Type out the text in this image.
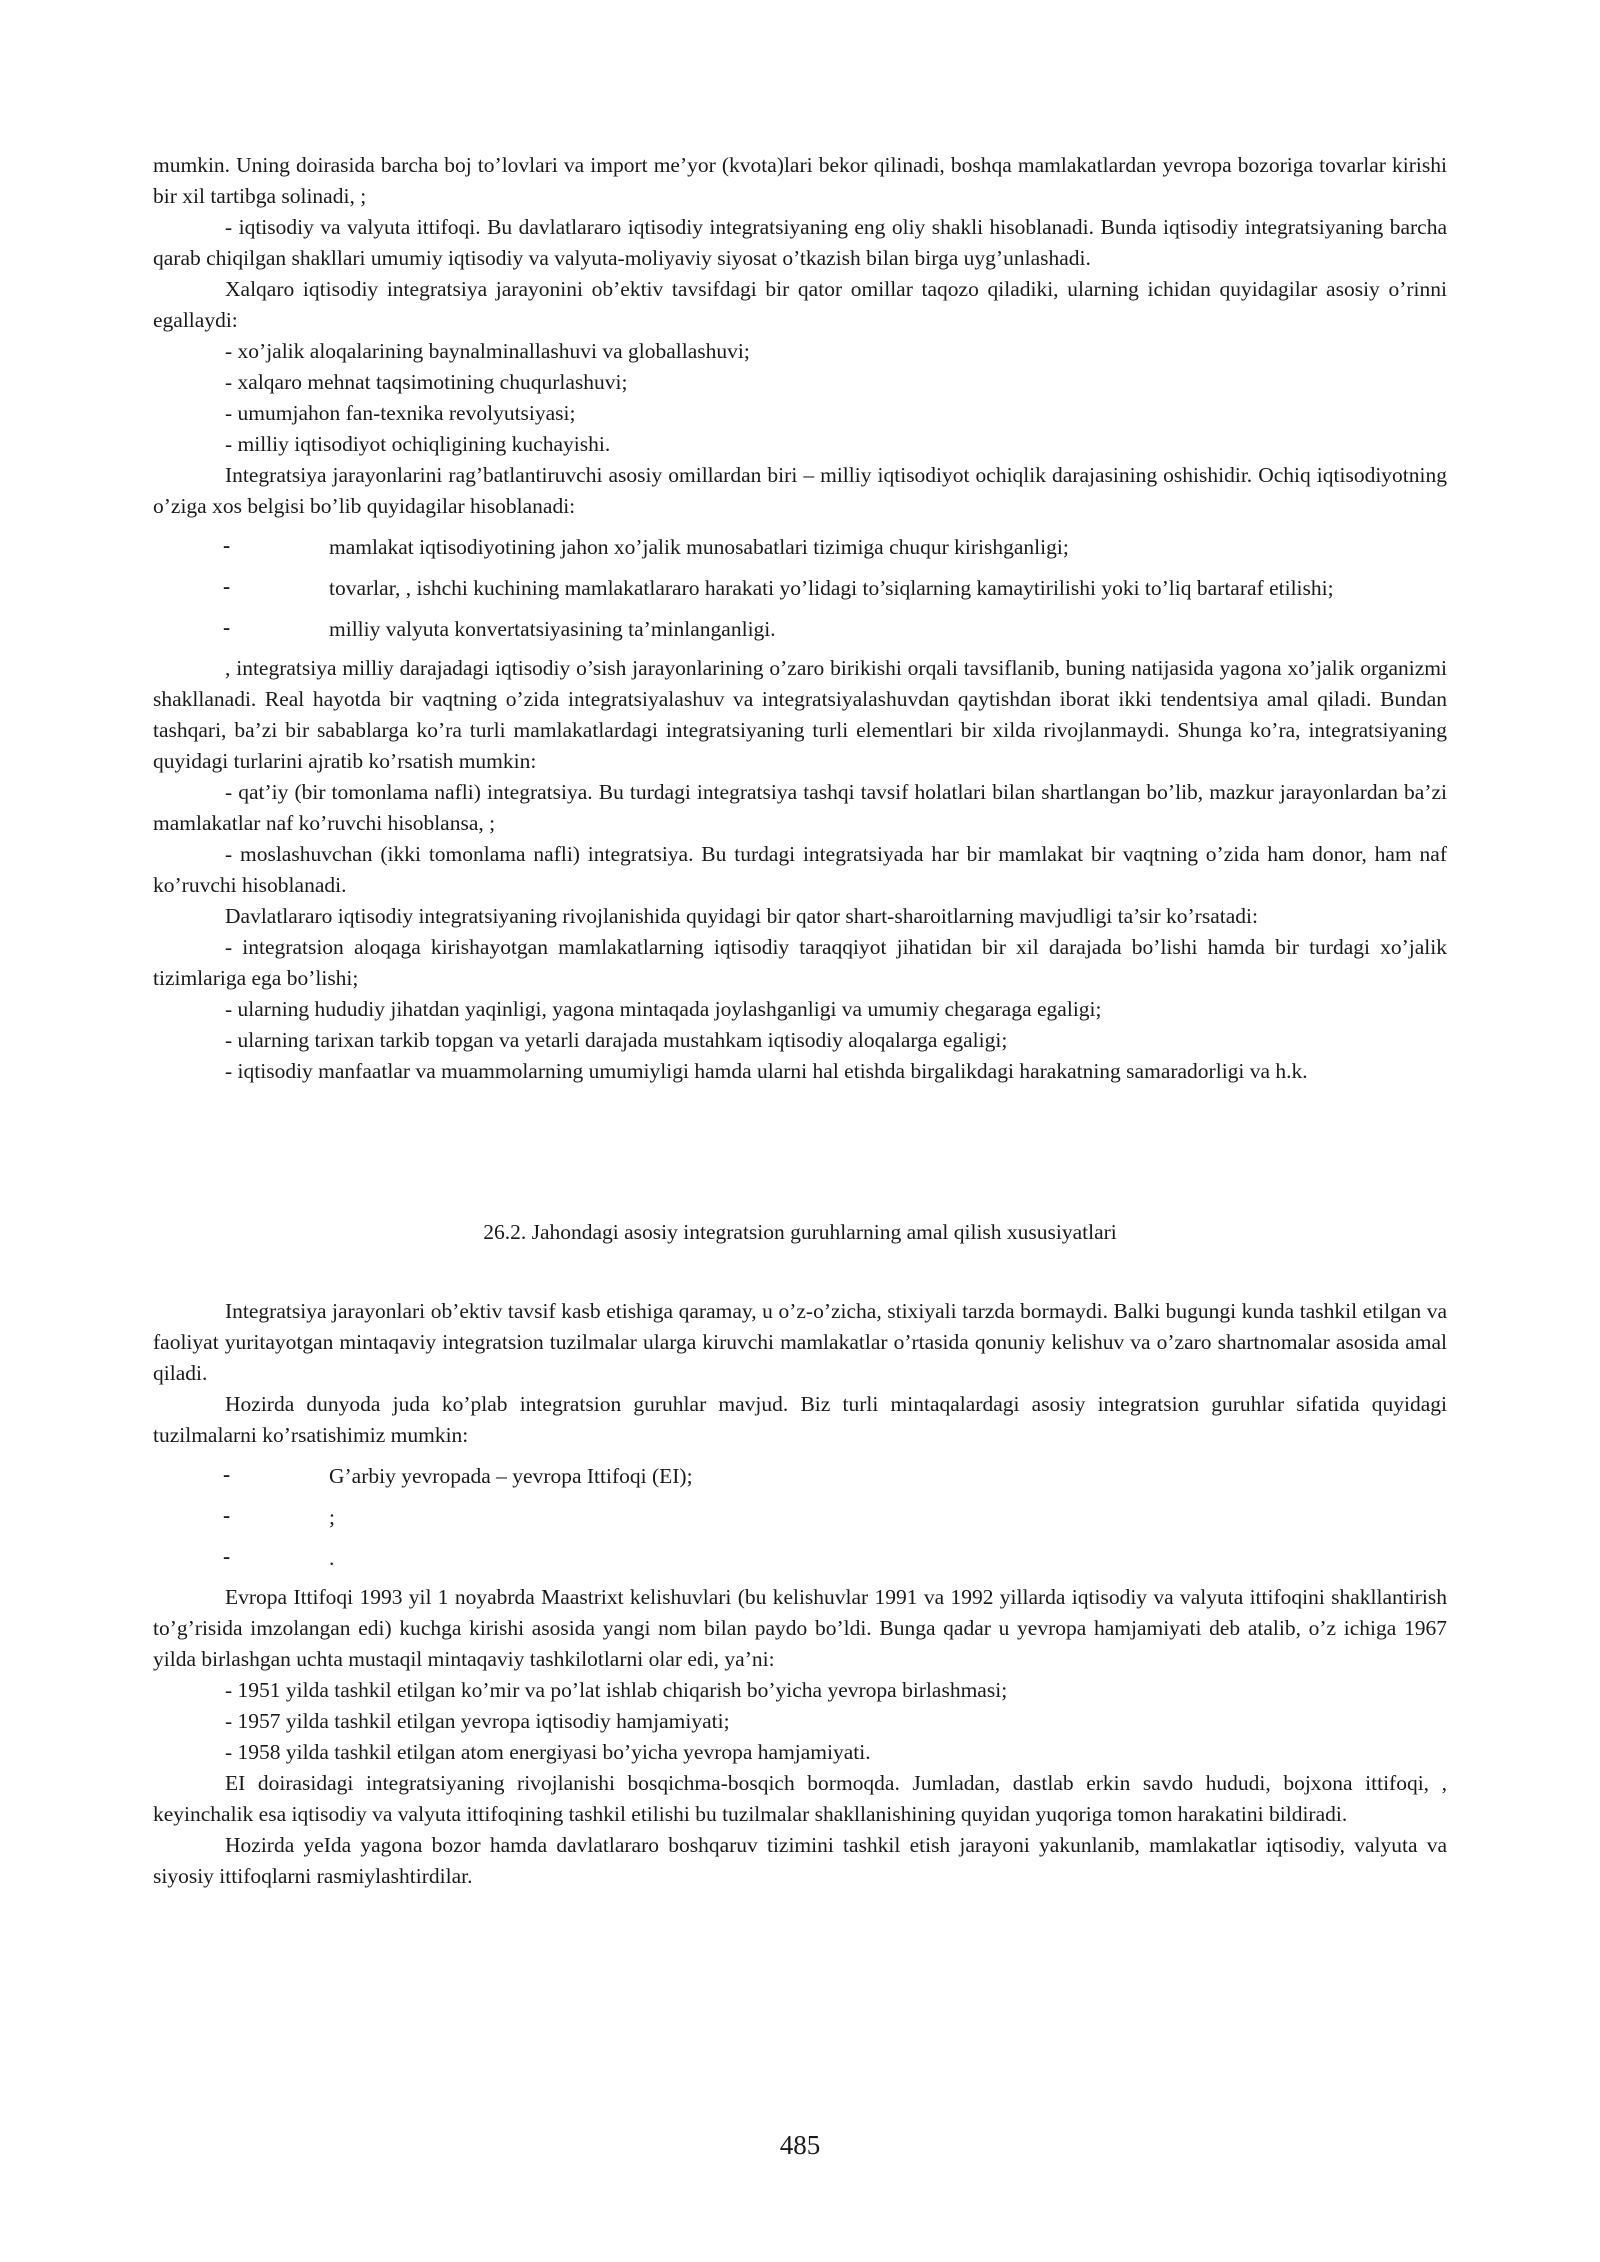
mumkin. Uning doirasida barcha boj to’lovlari va import me’yor (kvota)lari bekor qilinadi, boshqa mamlakatlardan yevropa bozoriga tovarlar kirishi bir xil tartibga solinadi, ;

- iqtisodiy va valyuta ittifoqi. Bu davlatlararo iqtisodiy integratsiyaning eng oliy shakli hisoblanadi. Bunda iqtisodiy integratsiyaning barcha qarab chiqilgan shakllari umumiy iqtisodiy va valyuta-moliyaviy siyosat o’tkazish bilan birga uyg’unlashadi.

Xalqaro iqtisodiy integratsiya jarayonini ob’ektiv tavsifdagi bir qator omillar taqozo qiladiki, ularning ichidan quyidagilar asosiy o’rinni egallaydi:

- xo’jalik aloqalarining baynalminallashuvi va globallashuvi;

- xalqaro mehnat taqsimotining chuqurlashuvi;

- umumjahon fan-texnika revolyutsiyasi;

- milliy iqtisodiyot ochiqligining kuchayishi.

Integratsiya jarayonlarini rag’batlantiruvchi asosiy omillardan biri – milliy iqtisodiyot ochiqlik darajasining oshishidir. Ochiq iqtisodiyotning o’ziga xos belgisi bo’lib quyidagilar hisoblanadi:

-	mamlakat iqtisodiyotining jahon xo’jalik munosabatlari tizimiga chuqur kirishganligi;

-	tovarlar, , ishchi kuchining mamlakatlararo harakati yo’lidagi to’siqlarning kamaytirilishi yoki to’liq bartaraf etilishi;

-	milliy valyuta konvertatsiyasining ta’minlanganligi.

, integratsiya milliy darajadagi iqtisodiy o’sish jarayonlarining o’zaro birikishi orqali tavsiflanib, buning natijasida yagona xo’jalik organizmi shakllanadi. Real hayotda bir vaqtning o’zida integratsiyalashuv va integratsiyalashuvdan qaytishdan iborat ikki tendentsiya amal qiladi. Bundan tashqari, ba’zi bir sabablarga ko’ra turli mamlakatlardagi integratsiyaning turli elementlari bir xilda rivojlanmaydi. Shunga ko’ra, integratsiyaning quyidagi turlarini ajratib ko’rsatish mumkin:

- qat’iy (bir tomonlama nafli) integratsiya. Bu turdagi integratsiya tashqi tavsif holatlari bilan shartlangan bo’lib, mazkur jarayonlardan ba’zi mamlakatlar naf ko’ruvchi hisoblansa, ;

- moslashuvchan (ikki tomonlama nafli) integratsiya. Bu turdagi integratsiyada har bir mamlakat bir vaqtning o’zida ham donor, ham naf ko’ruvchi hisoblanadi.

Davlatlararo iqtisodiy integratsiyaning rivojlanishida quyidagi bir qator shart-sharoitlarning mavjudligi ta’sir ko’rsatadi:

- integratsion aloqaga kirishayotgan mamlakatlarning iqtisodiy taraqqiyot jihatidan bir xil darajada bo’lishi hamda bir turdagi xo’jalik tizimlariga ega bo’lishi;

- ularning hududiy jihatdan yaqinligi, yagona mintaqada joylashganligi va umumiy chegaraga egaligi;

- ularning tarixan tarkib topgan va yetarli darajada mustahkam iqtisodiy aloqalarga egaligi;

- iqtisodiy manfaatlar va muammolarning umumiyligi hamda ularni hal etishda birgalikdagi harakatning samaradorligi va h.k.

26.2. Jahondagi asosiy integratsion guruhlarning amal qilish xususiyatlari

Integratsiya jarayonlari ob’ektiv tavsif kasb etishiga qaramay, u o’z-o’zicha, stixiyali tarzda bormaydi. Balki bugungi kunda tashkil etilgan va faoliyat yuritayotgan mintaqaviy integratsion tuzilmalar ularga kiruvchi mamlakatlar o’rtasida qonuniy kelishuv va o’zaro shartnomalar asosida amal qiladi.

Hozirda dunyoda juda ko’plab integratsion guruhlar mavjud. Biz turli mintaqalardagi asosiy integratsion guruhlar sifatida quyidagi tuzilmalarni ko’rsatishimiz mumkin:

-	G’arbiy yevropada – yevropa Ittifoqi (EI);

-	;

-	.

Evropa Ittifoqi 1993 yil 1 noyabrda Maastrixt kelishuvlari (bu kelishuvlar 1991 va 1992 yillarda iqtisodiy va valyuta ittifoqini shakllantirish to’g’risida imzolangan edi) kuchga kirishi asosida yangi nom bilan paydo bo’ldi. Bunga qadar u yevropa hamjamiyati deb atalib, o’z ichiga 1967 yilda birlashgan uchta mustaqil mintaqaviy tashkilotlarni olar edi, ya’ni:

- 1951 yilda tashkil etilgan ko’mir va po’lat ishlab chiqarish bo’yicha yevropa birlashmasi;

- 1957 yilda tashkil etilgan yevropa iqtisodiy hamjamiyati;

- 1958 yilda tashkil etilgan atom energiyasi bo’yicha yevropa hamjamiyati.

EI doirasidagi integratsiyaning rivojlanishi bosqichma-bosqich bormoqda. Jumladan, dastlab erkin savdo hududi, bojxona ittifoqi, , keyinchalik esa iqtisodiy va valyuta ittifoqining tashkil etilishi bu tuzilmalar shakllanishining quyidan yuqoriga tomon harakatini bildiradi.

Hozirda yeIda yagona bozor hamda davlatlararo boshqaruv tizimini tashkil etish jarayoni yakunlanib, mamlakatlar iqtisodiy, valyuta va siyosiy ittifoqlarni rasmiylashtirdilar.

485
